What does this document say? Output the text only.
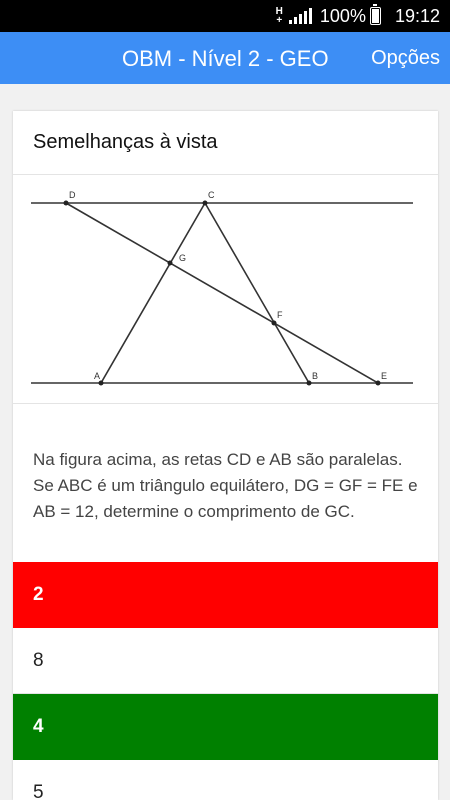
H
+ 100% 19:12
OBM - Nível 2 - GEO Opções
Semelhanças à vista
D	C
G
F
A	B	E
Na figura acima, as retas CD e AB são paralelas. Se ABC é um triângulo equilátero, DG = GF = FE e AB = 12, determine o comprimento de GC.
2
8
4
5
